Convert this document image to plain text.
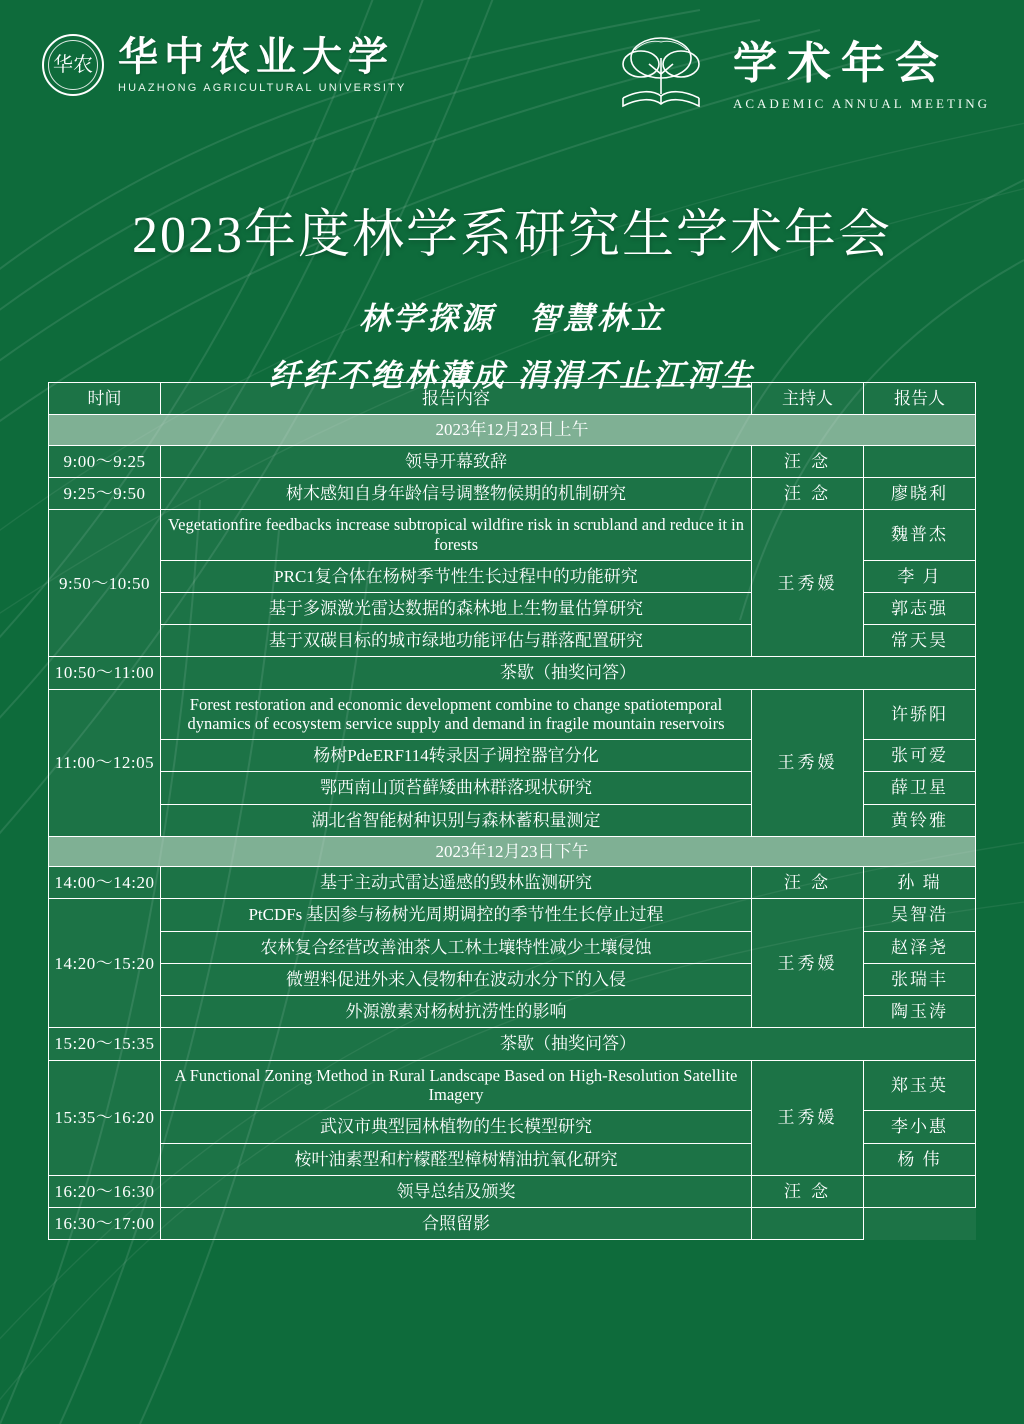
华农 华中农业大学
HUAZHONG AGRICULTURAL UNIVERSITY	学术年会
ACADEMIC ANNUAL MEETING
2023年度林学系研究生学术年会
林学探源 智慧林立
纤纤不绝林薄成 涓涓不止江河生
时间	报告内容	主持人	报告人
2023年12月23日上午			
9:00～9:25	领导开幕致辞	汪 念	
9:25～9:50	树木感知自身年龄信号调整物候期的机制研究	汪 念	廖晓利
9:50～10:50	Vegetationfire feedbacks increase subtropical wildfire risk in scrubland and reduce it in forests	王秀媛	魏普杰
	PRC1复合体在杨树季节性生长过程中的功能研究		李 月
	基于多源激光雷达数据的森林地上生物量估算研究		郭志强
	基于双碳目标的城市绿地功能评估与群落配置研究		常天昊
10:50～11:00	茶歇（抽奖问答）		
11:00～12:05	Forest restoration and economic development combine to change spatiotemporal dynamics of ecosystem service supply and demand in fragile mountain reservoirs	王秀媛	许骄阳
	杨树PdeERF114转录因子调控器官分化		张可爱
	鄂西南山顶苔藓矮曲林群落现状研究		薛卫星
	湖北省智能树种识别与森林蓄积量测定		黄铃雅
2023年12月23日下午			
14:00～14:20	基于主动式雷达遥感的毁林监测研究	汪 念	孙 瑞
14:20～15:20	PtCDFs 基因参与杨树光周期调控的季节性生长停止过程	王秀媛	吴智浩
	农林复合经营改善油茶人工林土壤特性减少土壤侵蚀		赵泽尧
	微塑料促进外来入侵物种在波动水分下的入侵		张瑞丰
	外源激素对杨树抗涝性的影响		陶玉涛
15:20～15:35	茶歇（抽奖问答）		
15:35～16:20	A Functional Zoning Method in Rural Landscape Based on High-Resolution Satellite Imagery	王秀媛	郑玉英
	武汉市典型园林植物的生长模型研究		李小惠
	桉叶油素型和柠檬醛型樟树精油抗氧化研究		杨 伟
16:20～16:30	领导总结及颁奖	汪 念	
16:30～17:00	合照留影		
